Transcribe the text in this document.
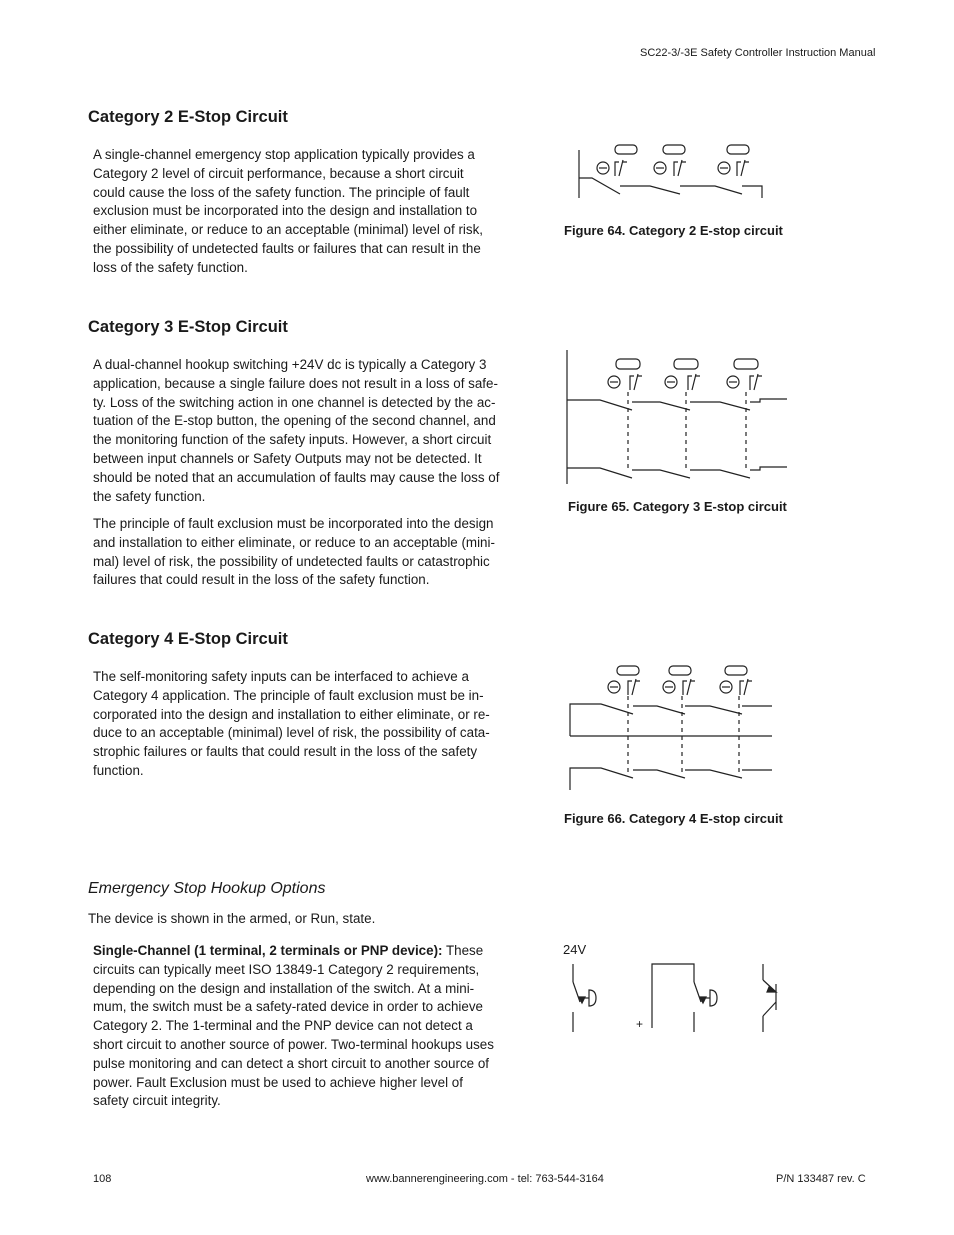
SC22-3/-3E Safety Controller Instruction Manual
Category 2 E-Stop Circuit
A single-channel emergency stop application typically provides a
Category 2 level of circuit performance, because a short circuit
could cause the loss of the safety function. The principle of fault
exclusion must be incorporated into the design and installation to
either eliminate, or reduce to an acceptable (minimal) level of risk,
the possibility of undetected faults or failures that can result in the
loss of the safety function.
Figure 64. Category 2 E-stop circuit
Category 3 E-Stop Circuit
A dual-channel hookup switching +24V dc is typically a Category 3
application, because a single failure does not result in a loss of safe-
ty. Loss of the switching action in one channel is detected by the ac-
tuation of the E-stop button, the opening of the second channel, and
the monitoring function of the safety inputs. However, a short circuit
between input channels or Safety Outputs may not be detected. It
should be noted that an accumulation of faults may cause the loss of
the safety function.
The principle of fault exclusion must be incorporated into the design
and installation to either eliminate, or reduce to an acceptable (mini-
mal) level of risk, the possibility of undetected faults or catastrophic
failures that could result in the loss of the safety function.
Figure 65. Category 3 E-stop circuit
Category 4 E-Stop Circuit
The self-monitoring safety inputs can be interfaced to achieve a
Category 4 application. The principle of fault exclusion must be in-
corporated into the design and installation to either eliminate, or re-
duce to an acceptable (minimal) level of risk, the possibility of cata-
strophic failures or faults that could result in the loss of the safety
function.
Figure 66. Category 4 E-stop circuit
Emergency Stop Hookup Options
The device is shown in the armed, or Run, state.
Single-Channel (1 terminal, 2 terminals or PNP device): These
circuits can typically meet ISO 13849-1 Category 2 requirements,
depending on the design and installation of the switch. At a mini-
mum, the switch must be a safety-rated device in order to achieve
Category 2. The 1-terminal and the PNP device can not detect a
short circuit to another source of power. Two-terminal hookups uses
pulse monitoring and can detect a short circuit to another source of
power. Fault Exclusion must be used to achieve higher level of
safety circuit integrity.
24V
+
108	www.bannerengineering.com - tel: 763-544-3164	P/N 133487 rev. C
